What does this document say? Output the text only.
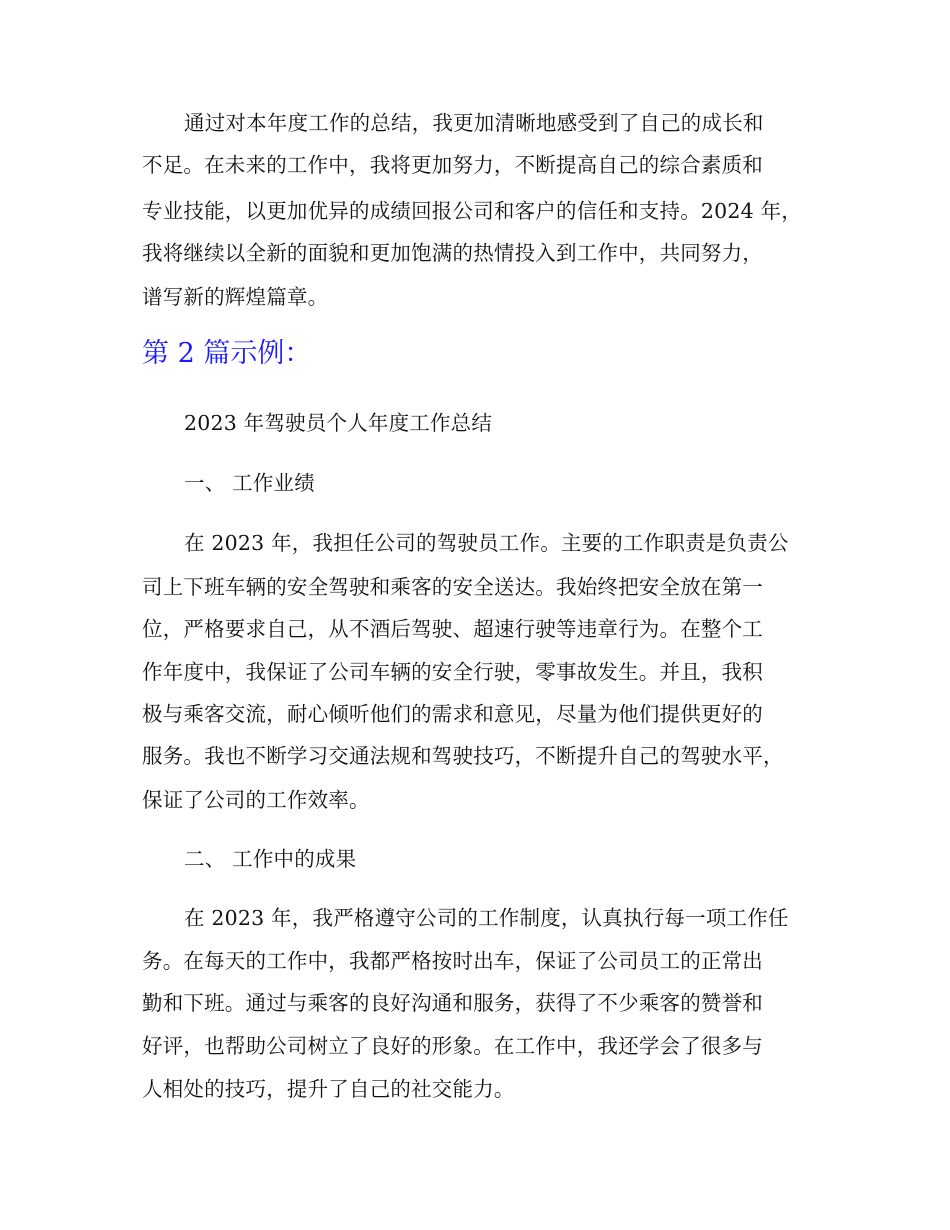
通过对本年度工作的总结，我更加清晰地感受到了自己的成长和
不足。在未来的工作中，我将更加努力，不断提高自己的综合素质和
专业技能，以更加优异的成绩回报公司和客户的信任和支持。2024 年，
我将继续以全新的面貌和更加饱满的热情投入到工作中，共同努力，
谱写新的辉煌篇章。
第 2 篇示例：
2023 年驾驶员个人年度工作总结
一、 工作业绩
在 2023 年，我担任公司的驾驶员工作。主要的工作职责是负责公
司上下班车辆的安全驾驶和乘客的安全送达。我始终把安全放在第一
位，严格要求自己，从不酒后驾驶、超速行驶等违章行为。在整个工
作年度中，我保证了公司车辆的安全行驶，零事故发生。并且，我积
极与乘客交流，耐心倾听他们的需求和意见，尽量为他们提供更好的
服务。我也不断学习交通法规和驾驶技巧，不断提升自己的驾驶水平，
保证了公司的工作效率。
二、 工作中的成果
在 2023 年，我严格遵守公司的工作制度，认真执行每一项工作任
务。在每天的工作中，我都严格按时出车，保证了公司员工的正常出
勤和下班。通过与乘客的良好沟通和服务，获得了不少乘客的赞誉和
好评，也帮助公司树立了良好的形象。在工作中，我还学会了很多与
人相处的技巧，提升了自己的社交能力。
